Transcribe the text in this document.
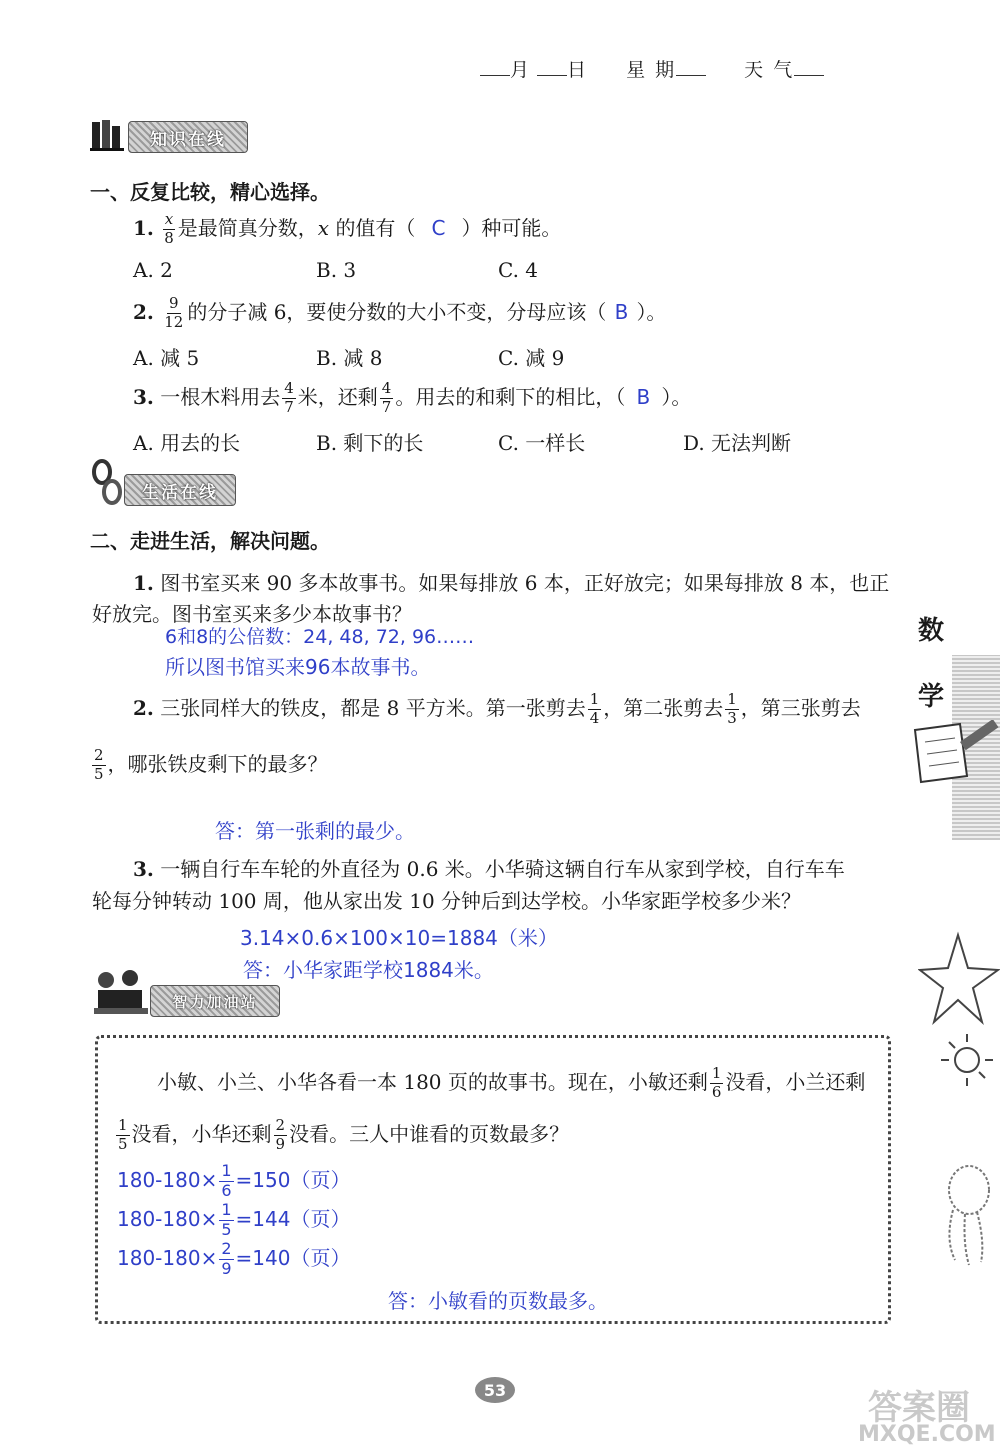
月 日 星 期	天 气
知识在线
一、反复比较，精心选择。
1. $\frac{x}{8}$ 是最简真分数，x 的值有（ C ）种可能。
A. 2	B. 3	C. 4
2. $\frac{9}{12}$ 的分子减 6，要使分数的大小不变，分母应该（ B ）。
A. 减 5	B. 减 8	C. 减 9
3. 一根木料用去 $\frac{4}{7}$ 米，还剩 $\frac{4}{7}$ 。用去的和剩下的相比，（ B ）。
A. 用去的长	B. 剩下的长	C. 一样长	D. 无法判断
生活在线
二、走进生活，解决问题。
1. 图书室买来 90 多本故事书。如果每排放 6 本，正好放完；如果每排放 8 本，也正
好放完。图书室买来多少本故事书？
6和8的公倍数：24, 48, 72, 96……
所以图书馆买来96本故事书。
2. 三张同样大的铁皮，都是 8 平方米。第一张剪去 $\frac{1}{4}$ ，第二张剪去 $\frac{1}{3}$ ，第三张剪去
$\frac{2}{5}$ ，哪张铁皮剩下的最多？
答：第一张剩的最少。
3. 一辆自行车车轮的外直径为 0.6 米。小华骑这辆自行车从家到学校，自行车车
轮每分钟转动 100 周，他从家出发 10 分钟后到达学校。小华家距学校多少米？
3.14×0.6×100×10=1884（米）
答：小华家距学校1884米。
智力加油站
小敏、小兰、小华各看一本 180 页的故事书。现在，小敏还剩 $\frac{1}{6}$ 没看，小兰还剩
$\frac{1}{5}$ 没看，小华还剩 $\frac{2}{9}$ 没看。三人中谁看的页数最多？
$180-180\times \frac{1}{6} =150$（页）
$180-180\times \frac{1}{5} =144$（页）
$180-180\times \frac{2}{9} =140$（页）
答：小敏看的页数最多。
数
学
53	答案圈
MXQE.COM
